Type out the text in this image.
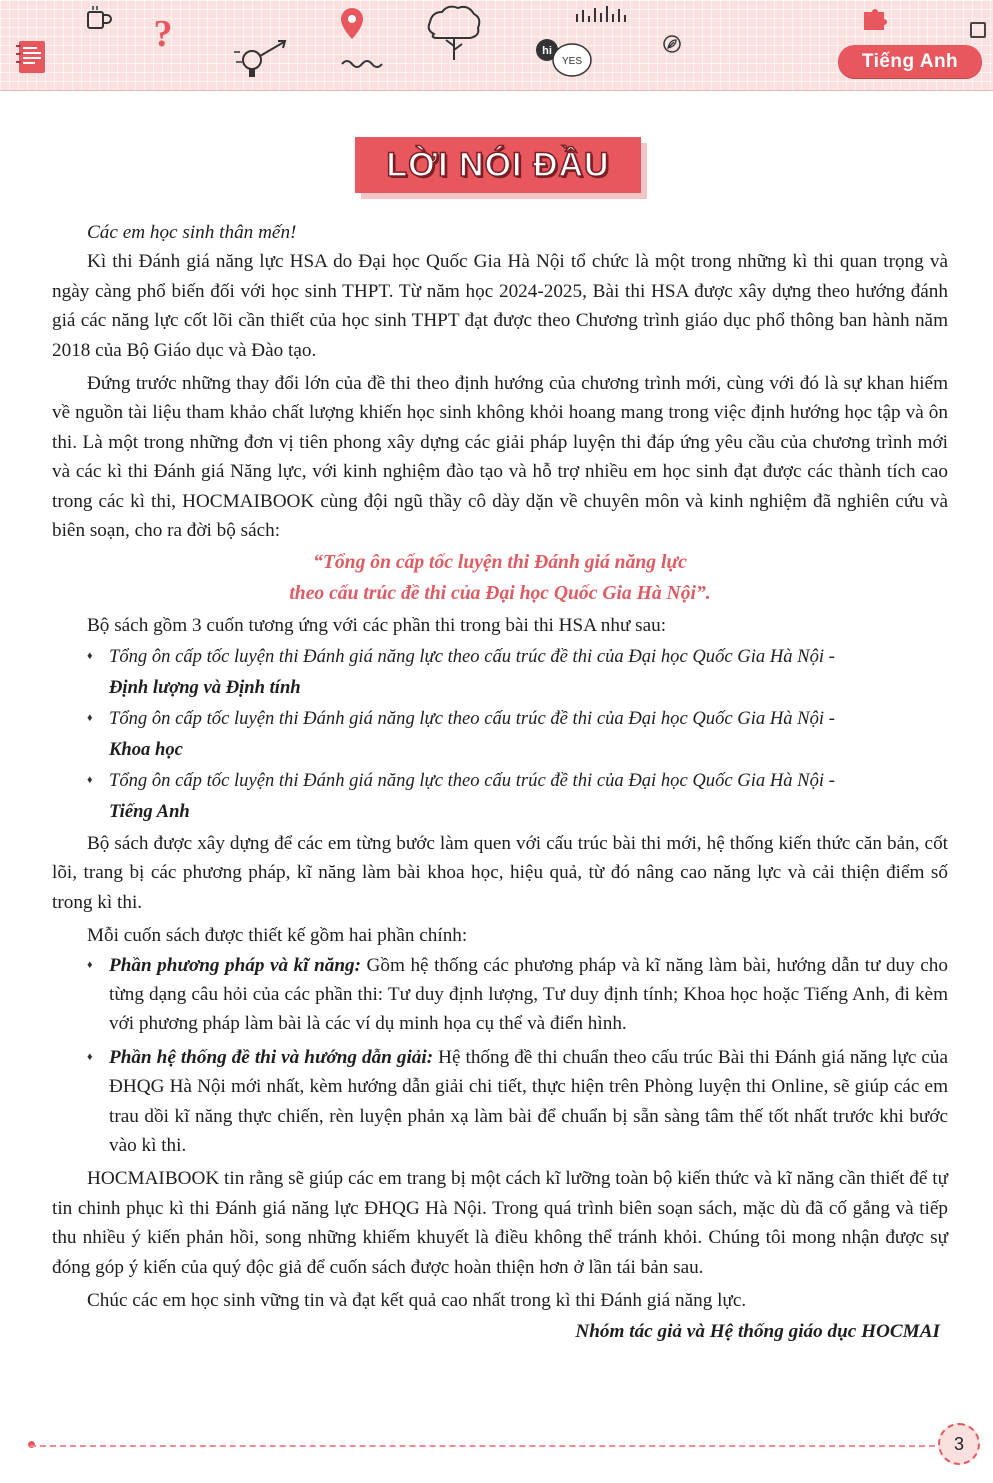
?	hi
YES	Tiếng Anh
LỜI NÓI ĐẦU

Các em học sinh thân mến!

Kì thi Đánh giá năng lực HSA do Đại học Quốc Gia Hà Nội tổ chức là một trong những kì thi quan trọng và ngày càng phổ biến đối với học sinh THPT. Từ năm học 2024-2025, Bài thi HSA được xây dựng theo hướng đánh giá các năng lực cốt lõi cần thiết của học sinh THPT đạt được theo Chương trình giáo dục phổ thông ban hành năm 2018 của Bộ Giáo dục và Đào tạo.

Đứng trước những thay đổi lớn của đề thi theo định hướng của chương trình mới, cùng với đó là sự khan hiếm về nguồn tài liệu tham khảo chất lượng khiến học sinh không khỏi hoang mang trong việc định hướng học tập và ôn thi. Là một trong những đơn vị tiên phong xây dựng các giải pháp luyện thi đáp ứng yêu cầu của chương trình mới và các kì thi Đánh giá Năng lực, với kinh nghiệm đào tạo và hỗ trợ nhiều em học sinh đạt được các thành tích cao trong các kì thi, HOCMAIBOOK cùng đội ngũ thầy cô dày dặn về chuyên môn và kinh nghiệm đã nghiên cứu và biên soạn, cho ra đời bộ sách:

“Tổng ôn cấp tốc luyện thi Đánh giá năng lực

theo cấu trúc đề thi của Đại học Quốc Gia Hà Nội”.

Bộ sách gồm 3 cuốn tương ứng với các phần thi trong bài thi HSA như sau:

♦ Tổng ôn cấp tốc luyện thi Đánh giá năng lực theo cấu trúc đề thi của Đại học Quốc Gia Hà Nội -
Định lượng và Định tính
♦ Tổng ôn cấp tốc luyện thi Đánh giá năng lực theo cấu trúc đề thi của Đại học Quốc Gia Hà Nội -
Khoa học
♦ Tổng ôn cấp tốc luyện thi Đánh giá năng lực theo cấu trúc đề thi của Đại học Quốc Gia Hà Nội -
Tiếng Anh

Bộ sách được xây dựng để các em từng bước làm quen với cấu trúc bài thi mới, hệ thống kiến thức căn bản, cốt lõi, trang bị các phương pháp, kĩ năng làm bài khoa học, hiệu quả, từ đó nâng cao năng lực và cải thiện điểm số trong kì thi.

Mỗi cuốn sách được thiết kế gồm hai phần chính:

♦ Phần phương pháp và kĩ năng: Gồm hệ thống các phương pháp và kĩ năng làm bài, hướng dẫn tư duy cho từng dạng câu hỏi của các phần thi: Tư duy định lượng, Tư duy định tính; Khoa học hoặc Tiếng Anh, đi kèm với phương pháp làm bài là các ví dụ minh họa cụ thể và điển hình.
♦ Phần hệ thống đề thi và hướng dẫn giải: Hệ thống đề thi chuẩn theo cấu trúc Bài thi Đánh giá năng lực của ĐHQG Hà Nội mới nhất, kèm hướng dẫn giải chi tiết, thực hiện trên Phòng luyện thi Online, sẽ giúp các em trau dồi kĩ năng thực chiến, rèn luyện phản xạ làm bài để chuẩn bị sẵn sàng tâm thế tốt nhất trước khi bước vào kì thi.

HOCMAIBOOK tin rằng sẽ giúp các em trang bị một cách kĩ lưỡng toàn bộ kiến thức và kĩ năng cần thiết để tự tin chinh phục kì thi Đánh giá năng lực ĐHQG Hà Nội. Trong quá trình biên soạn sách, mặc dù đã cố gắng và tiếp thu nhiều ý kiến phản hồi, song những khiếm khuyết là điều không thể tránh khỏi. Chúng tôi mong nhận được sự đóng góp ý kiến của quý độc giả để cuốn sách được hoàn thiện hơn ở lần tái bản sau.

Chúc các em học sinh vững tin và đạt kết quả cao nhất trong kì thi Đánh giá năng lực.

Nhóm tác giả và Hệ thống giáo dục HOCMAI

3
